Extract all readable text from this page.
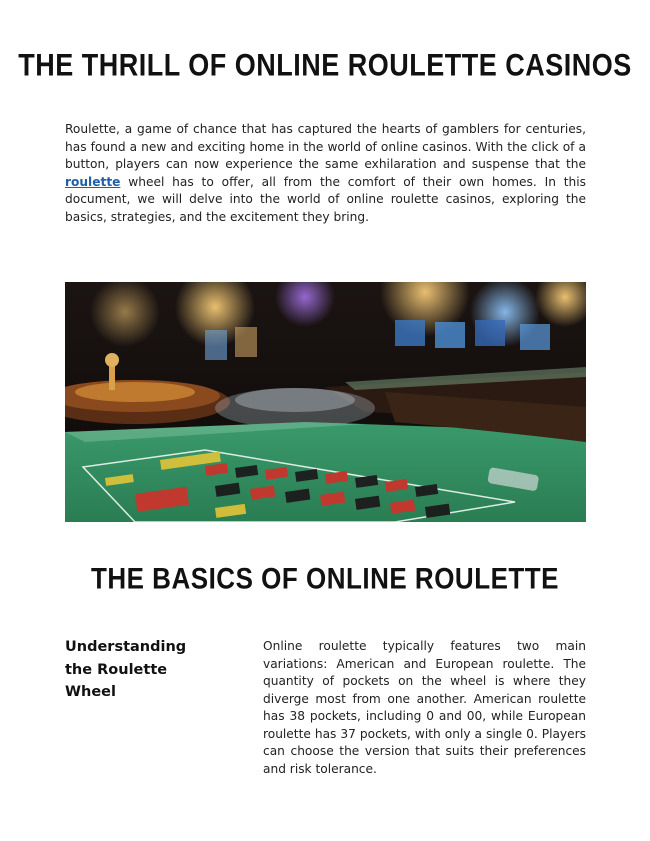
THE THRILL OF ONLINE ROULETTE CASINOS
Roulette, a game of chance that has captured the hearts of gamblers for centuries, has found a new and exciting home in the world of online casinos. With the click of a button, players can now experience the same exhilaration and suspense that the roulette wheel has to offer, all from the comfort of their own homes. In this document, we will delve into the world of online roulette casinos, exploring the basics, strategies, and the excitement they bring.
THE BASICS OF ONLINE ROULETTE
Understanding the Roulette Wheel
Online roulette typically features two main variations: American and European roulette. The quantity of pockets on the wheel is where they diverge most from one another. American roulette has 38 pockets, including 0 and 00, while European roulette has 37 pockets, with only a single 0. Players can choose the version that suits their preferences and risk tolerance.
